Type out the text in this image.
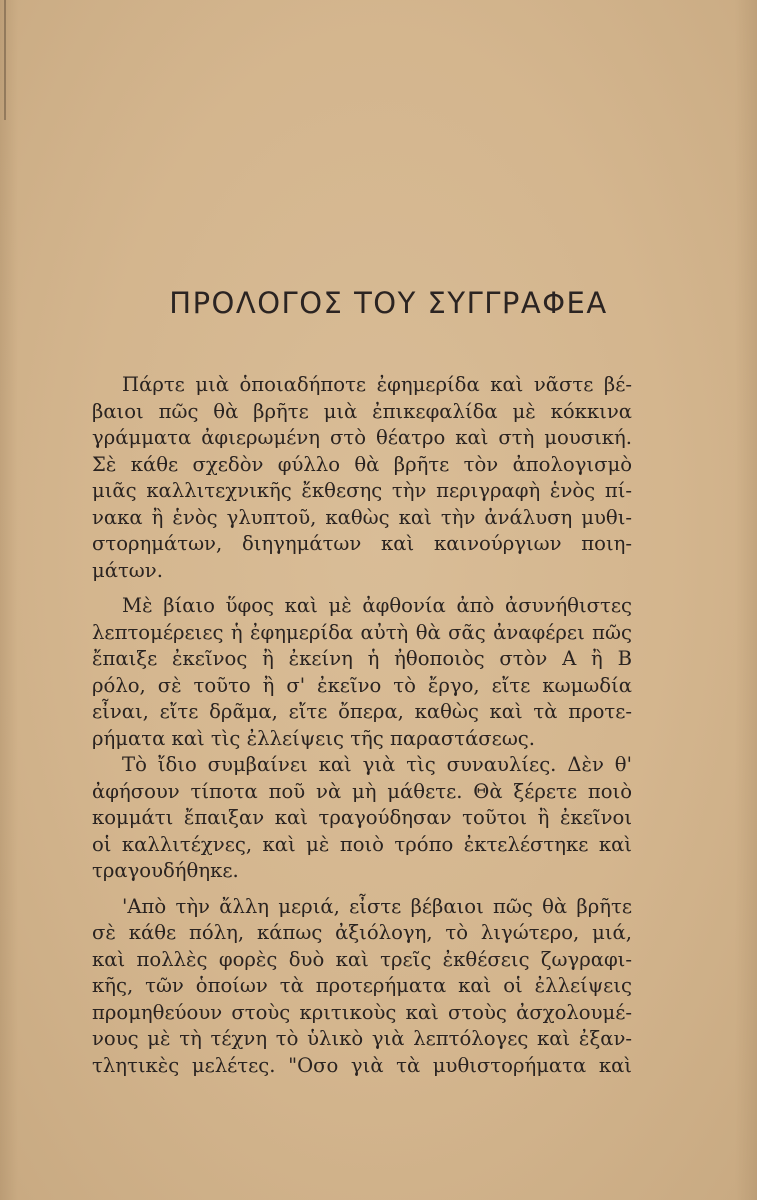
ΠΡΟΛΟΓΟΣ ΤΟΥ ΣΥΓΓΡΑΦΕΑ
Πάρτε μιὰ ὁποιαδήποτε ἐφημερίδα καὶ νᾶστε βέ-
βαιοι πῶς θὰ βρῆτε μιὰ ἐπικεφαλίδα μὲ κόκκινα
γράμματα ἀφιερωμένη στὸ θέατρο καὶ στὴ μουσική.
Σὲ κάθε σχεδὸν φύλλο θὰ βρῆτε τὸν ἀπολογισμὸ
μιᾶς καλλιτεχνικῆς ἔκθεσης τὴν περιγραφὴ ἑνὸς πί-
νακα ἢ ἑνὸς γλυπτοῦ, καθὼς καὶ τὴν ἀνάλυση μυθι-
στορημάτων, διηγημάτων καὶ καινούργιων ποιη-
μάτων.
Μὲ βίαιο ὕφος καὶ μὲ ἀφθονία ἀπὸ ἀσυνήθιστες
λεπτομέρειες ἡ ἐφημερίδα αὐτὴ θὰ σᾶς ἀναφέρει πῶς
ἔπαιξε ἐκεῖνος ἢ ἐκείνη ἡ ἠθοποιὸς στὸν Α ἢ Β
ρόλο, σὲ τοῦτο ἢ σ' ἐκεῖνο τὸ ἔργο, εἴτε κωμωδία
εἶναι, εἴτε δρᾶμα, εἴτε ὄπερα, καθὼς καὶ τὰ προτε-
ρήματα καὶ τὶς ἐλλείψεις τῆς παραστάσεως.
Τὸ ἴδιο συμβαίνει καὶ γιὰ τὶς συναυλίες. Δὲν θ'
ἀφήσουν τίποτα ποῦ νὰ μὴ μάθετε. Θὰ ξέρετε ποιὸ
κομμάτι ἔπαιξαν καὶ τραγούδησαν τοῦτοι ἢ ἐκεῖνοι
οἱ καλλιτέχνες, καὶ μὲ ποιὸ τρόπο ἐκτελέστηκε καὶ
τραγουδήθηκε.
'Απὸ τὴν ἄλλη μεριά, εἶστε βέβαιοι πῶς θὰ βρῆτε
σὲ κάθε πόλη, κάπως ἀξιόλογη, τὸ λιγώτερο, μιά,
καὶ πολλὲς φορὲς δυὸ καὶ τρεῖς ἐκθέσεις ζωγραφι-
κῆς, τῶν ὁποίων τὰ προτερήματα καὶ οἱ ἐλλείψεις
προμηθεύουν στοὺς κριτικοὺς καὶ στοὺς ἀσχολουμέ-
νους μὲ τὴ τέχνη τὸ ὑλικὸ γιὰ λεπτόλογες καὶ ἐξαν-
τλητικὲς μελέτες. "Οσο γιὰ τὰ μυθιστορήματα καὶ
